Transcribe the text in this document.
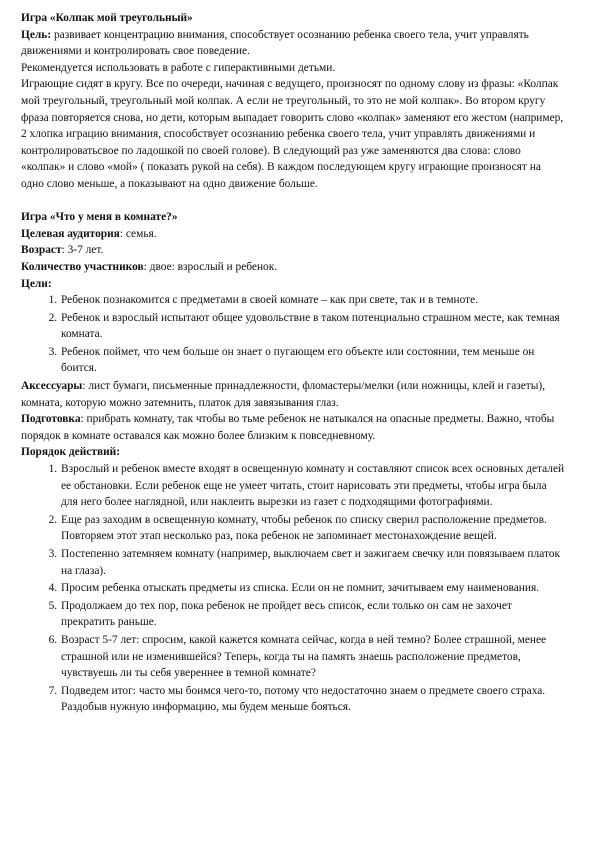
Игра «Колпак мой треугольный»

Цель: развивает концентрацию внимания, способствует осознанию ребенка своего тела, учит управлять движениями и контролировать свое поведение.

Рекомендуется использовать в работе с гиперактивными детьми.

Играющие сидят в кругу. Все по очереди, начиная с ведущего, произносят по одному слову из фразы: «Колпак мой треугольный, треугольный мой колпак. А если не треугольный, то это не мой колпак». Во втором кругу фраза повторяется снова, но дети, которым выпадает говорить слово «колпак» заменяют его жестом (например, 2 хлопка играцию внимания, способствует осознанию ребенка своего тела, учит управлять движениями и контролироватьсвое по ладошкой по своей голове). В следующий раз уже заменяются два слова: слово «колпак» и слово «мой» ( показать рукой на себя). В каждом последующем кругу играющие произносят на одно слово меньше, а показывают на одно движение больше.

Игра «Что у меня в комнате?»

Целевая аудитория: семья.

Возраст: 3-7 лет.

Количество участников: двое: взрослый и ребенок.

Цели:

1. Ребенок познакомится с предметами в своей комнате – как при свете, так и в темноте.
2. Ребенок и взрослый испытают общее удовольствие в таком потенциально страшном месте, как темная комната.
3. Ребенок поймет, что чем больше он знает о пугающем его объекте или состоянии, тем меньше он боится.

Аксессуары: лист бумаги, письменные принадлежности, фломастеры/мелки (или ножницы, клей и газеты), комната, которую можно затемнить, платок для завязывания глаз.

Подготовка: прибрать комнату, так чтобы во тьме ребенок не натыкался на опасные предметы. Важно, чтобы порядок в комнате оставался как можно более близким к повседневному.

Порядок действий:

1. Взрослый и ребенок вместе входят в освещенную комнату и составляют список всех основных деталей ее обстановки. Если ребенок еще не умеет читать, стоит нарисовать эти предметы, чтобы игра была для него более наглядной, или наклеить вырезки из газет с подходящими фотографиями.
2. Еще раз заходим в освещенную комнату, чтобы ребенок по списку сверил расположение предметов. Повторяем этот этап несколько раз, пока ребенок не запоминает местонахождение вещей.
3. Постепенно затемняем комнату (например, выключаем свет и зажигаем свечку или повязываем платок на глаза).
4. Просим ребенка отыскать предметы из списка. Если он не помнит, зачитываем ему наименования.
5. Продолжаем до тех пор, пока ребенок не пройдет весь список, если только он сам не захочет прекратить раньше.
6. Возраст 5-7 лет: спросим, какой кажется комната сейчас, когда в ней темно? Более страшной, менее страшной или не изменившейся? Теперь, когда ты на память знаешь расположение предметов, чувствуешь ли ты себя увереннее в темной комнате?
7. Подведем итог: часто мы боимся чего-то, потому что недостаточно знаем о предмете своего страха. Раздобыв нужную информацию, мы будем меньше бояться.
